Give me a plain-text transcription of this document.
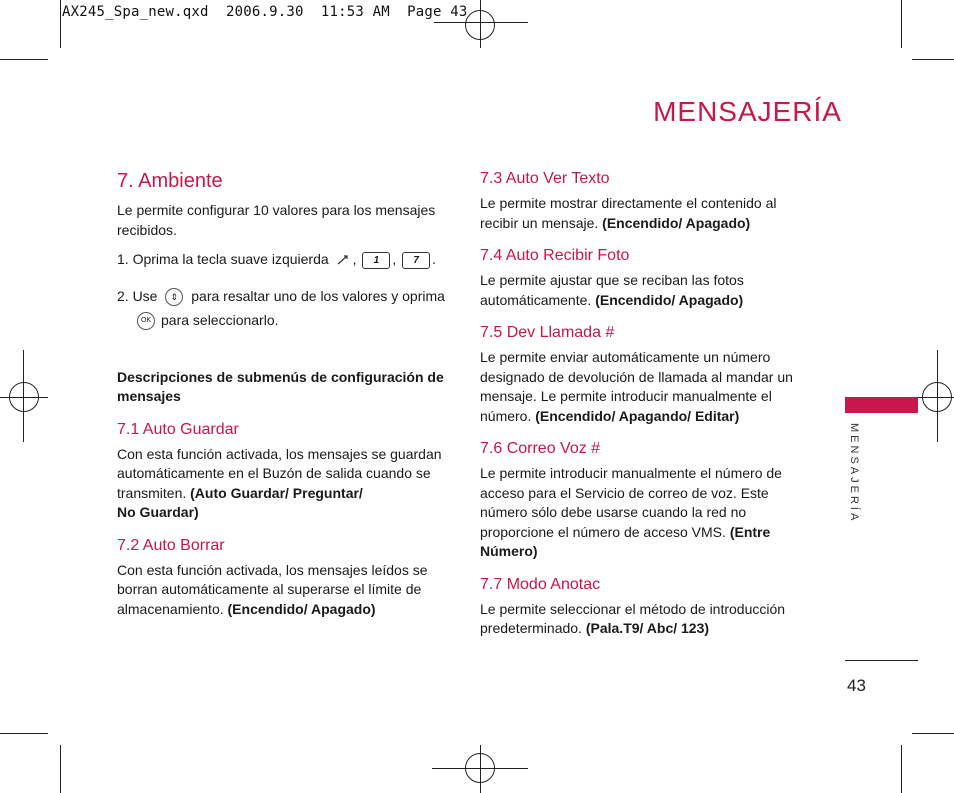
AX245_Spa_new.qxd  2006.9.30  11:53 AM  Page 43
MENSAJERÍA
7. Ambiente

Le permite configurar 10 valores para los mensajes recibidos.

1. Oprima la tecla suave izquierda , 1 , 7 .

2. Use ⇕ para resaltar uno de los valores y oprima
OK para seleccionarlo.

Descripciones de submenús de configuración de mensajes

7.1 Auto Guardar

Con esta función activada, los mensajes se guardan automáticamente en el Buzón de salida cuando se transmiten. (Auto Guardar/ Preguntar/
No Guardar)

7.2 Auto Borrar

Con esta función activada, los mensajes leídos se borran automáticamente al superarse el límite de almacenamiento. (Encendido/ Apagado)

7.3 Auto Ver Texto

Le permite mostrar directamente el contenido al recibir un mensaje. (Encendido/ Apagado)

7.4 Auto Recibir Foto

Le permite ajustar que se reciban las fotos automáticamente. (Encendido/ Apagado)

7.5 Dev Llamada #

Le permite enviar automáticamente un número designado de devolución de llamada al mandar un mensaje. Le permite introducir manualmente el número. (Encendido/ Apagando/ Editar)

7.6 Correo Voz #

Le permite introducir manualmente el número de acceso para el Servicio de correo de voz. Este número sólo debe usarse cuando la red no proporcione el número de acceso VMS. (Entre Número)

7.7 Modo Anotac

Le permite seleccionar el método de introducción predeterminado. (Pala.T9/ Abc/ 123)

MENSAJERÍA
43
